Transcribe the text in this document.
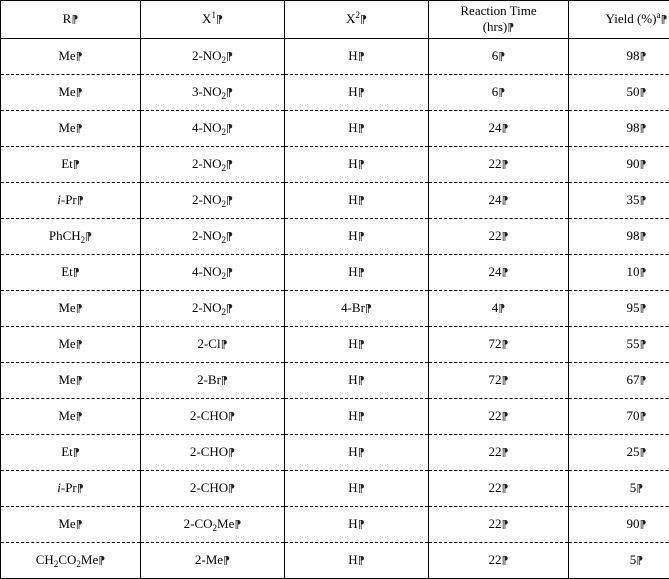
R⁋	$X^1⁋$	$X^2⁋$	Reaction Time
(hrs)⁋	Yield (%)$^a$⁋
Me⁋	$2-NO_2⁋$	H⁋	6⁋	98⁋
Me⁋	$3-NO_2⁋$	H⁋	6⁋	50⁋
Me⁋	$4-NO_2⁋$	H⁋	24⁋	98⁋
Et⁋	$2-NO_2⁋$	H⁋	22⁋	90⁋
i-Pr⁋	$2-NO_2⁋$	H⁋	24⁋	35⁋
PhCH$_2$⁋	$2-NO_2⁋$	H⁋	22⁋	98⁋
Et⁋	$4-NO_2⁋$	H⁋	24⁋	10⁋
Me⁋	$2-NO_2⁋$	4-Br⁋	4⁋	95⁋
Me⁋	2-Cl⁋	H⁋	72⁋	55⁋
Me⁋	2-Br⁋	H⁋	72⁋	67⁋
Me⁋	2-CHO⁋	H⁋	22⁋	70⁋
Et⁋	2-CHO⁋	H⁋	22⁋	25⁋
i-Pr⁋	2-CHO⁋	H⁋	22⁋	5⁋
Me⁋	$2-CO_2Me⁋$	H⁋	22⁋	90⁋
$CH_2CO_2Me⁋$	2-Me⁋	H⁋	22⁋	5⁋
